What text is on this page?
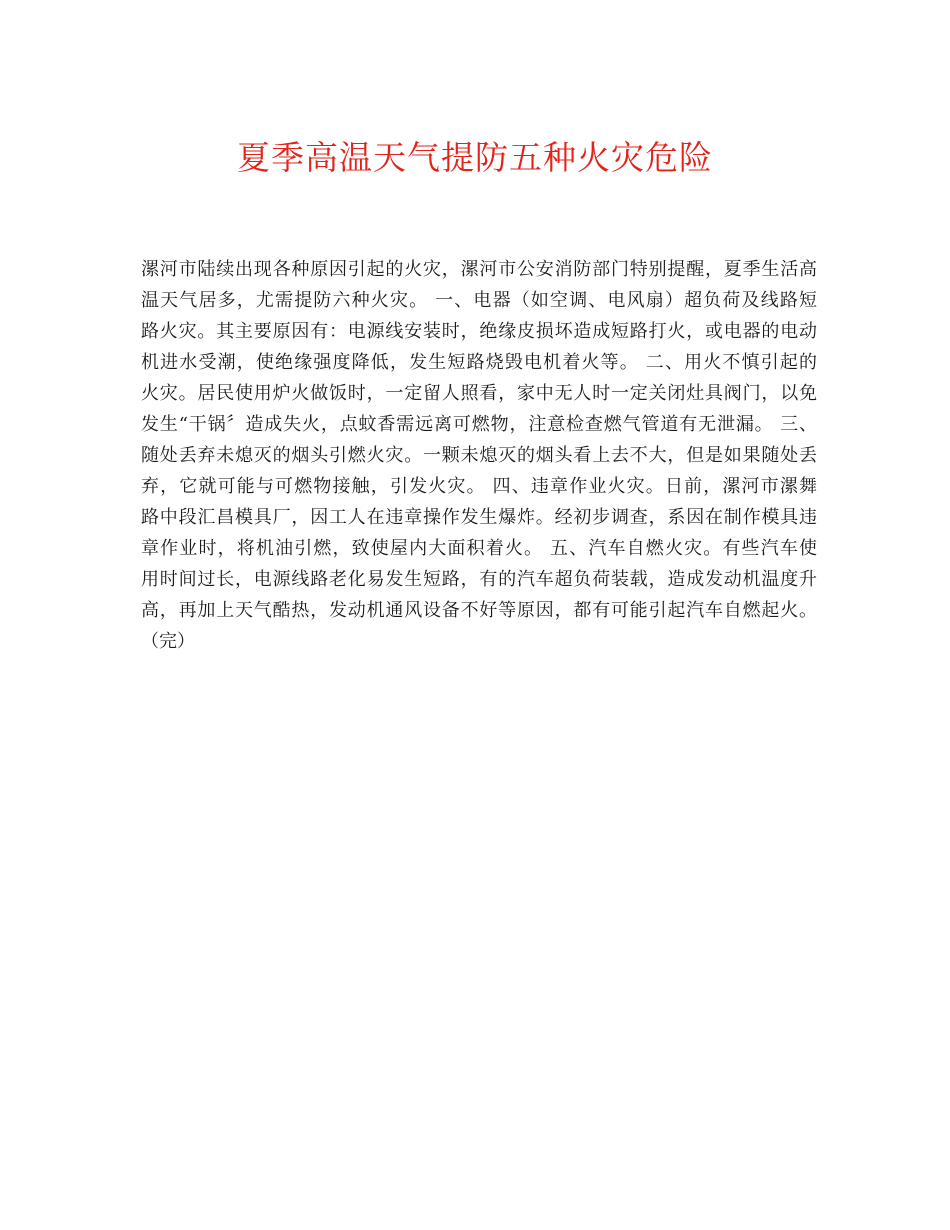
夏季高温天气提防五种火灾危险
漯河市陆续出现各种原因引起的火灾，漯河市公安消防部门特别提醒，夏季生活高
温天气居多，尤需提防六种火灾。 一、电器（如空调、电风扇）超负荷及线路短
路火灾。其主要原因有：电源线安装时，绝缘皮损坏造成短路打火，或电器的电动
机进水受潮，使绝缘强度降低，发生短路烧毁电机着火等。 二、用火不慎引起的
火灾。居民使用炉火做饭时，一定留人照看，家中无人时一定关闭灶具阀门，以免
发生“干锅〞造成失火，点蚊香需远离可燃物，注意检查燃气管道有无泄漏。 三、
随处丢弃未熄灭的烟头引燃火灾。一颗未熄灭的烟头看上去不大，但是如果随处丢
弃，它就可能与可燃物接触，引发火灾。 四、违章作业火灾。日前，漯河市漯舞
路中段汇昌模具厂，因工人在违章操作发生爆炸。经初步调查，系因在制作模具违
章作业时，将机油引燃，致使屋内大面积着火。 五、汽车自燃火灾。有些汽车使
用时间过长，电源线路老化易发生短路，有的汽车超负荷装载，造成发动机温度升
高，再加上天气酷热，发动机通风设备不好等原因，都有可能引起汽车自燃起火。
（完）
